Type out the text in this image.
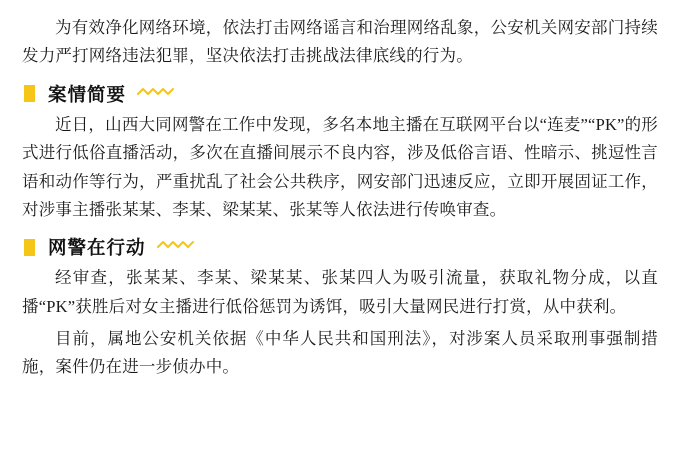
为有效净化网络环境，依法打击网络谣言和治理网络乱象，公安机关网安部门持续发力严打网络违法犯罪，坚决依法打击挑战法律底线的行为。

案情简要

近日，山西大同网警在工作中发现，多名本地主播在互联网平台以“连麦”“PK”的形式进行低俗直播活动，多次在直播间展示不良内容，涉及低俗言语、性暗示、挑逗性言语和动作等行为，严重扰乱了社会公共秩序，网安部门迅速反应，立即开展固证工作，对涉事主播张某某、李某、梁某某、张某等人依法进行传唤审查。

网警在行动

经审查，张某某、李某、梁某某、张某四人为吸引流量，获取礼物分成，以直播“PK”获胜后对女主播进行低俗惩罚为诱饵，吸引大量网民进行打赏，从中获利。

目前，属地公安机关依据《中华人民共和国刑法》，对涉案人员采取刑事强制措施，案件仍在进一步侦办中。
